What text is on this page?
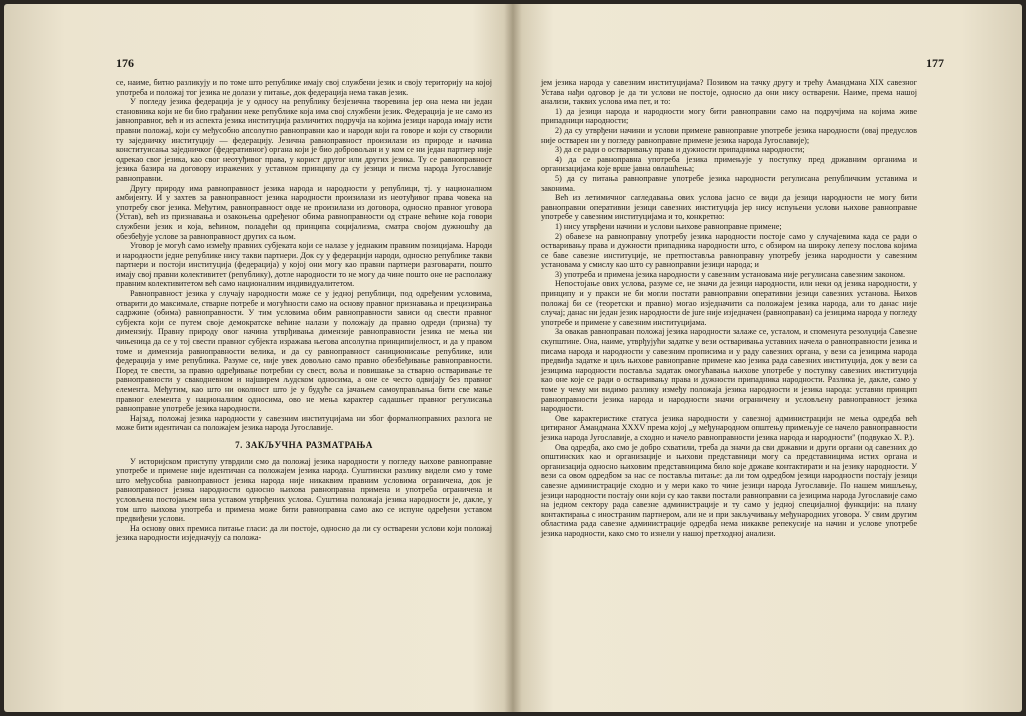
176

се, наиме, битно разликују и по томе што републике имају свој службени језик и својy територију на којој употреба и положај тог језика не долази у питање, док федерација нема такав језик.

У погледу језика федерација је у односу на републику безјезична творевина јер она нема ни један становника који не би био грађанин неке републике која има свој службени језик. Федерација је не само из јавноправног, већ и из аспекта језика институција различитих подручја на којима језици народа имају исти правни положај, који су међусобно апсолутно равноправни као и народи који га говоре и који су створили ту заједничку институцију — федерацију. Језична равноправност произилази из природе и начина конституисања заједничког (федеративног) органа који је био добровољан и у ком се ни један партнер није одрекао свог језика, као свог неотуђивог права, у корист другог или других језика. Ту се равноправност језика базира на договору изражених у уставном принципу да су језици и писма народа Југославије равноправни.

Другу природу има равноправност језика народа и народности у републици, тј. у националном амбијенту. И у захтев за равноправност језика народности произилази из неотуђивог права човека на употребу свог језика. Међутим, равноправност овде не произилази из договора, односно правног уговора (Устав), већ из признавања и озакоњења одређеног обима равноправности од стране већине која говори службени језик и која, већином, поладећи од принципа социјализма, сматра својом дужношћу да обезбеђује услове за равноправност других са њом.

Уговор је могућ само између правних субјеката који се налазе у једнаким правним позицијама. Народи и народности једне републике нису такви партнери. Док су у федерацији народи, односно републике такви партнери и постоји институција (федерација) у којој они могу као правни партнери разговарати, пошто имају свој правни колективитет (републику), дотле народности то не могу да чине пошто оне не располажу правним колективитетом већ само националним индивидуалитетом.

Равноправност језика у случају народности може се у једној републици, под одређеним условима, отварити до максимале, стварне потребе и могућности само на основу правног признавања и прецизирања садржине (обима) равноправности. У тим условима обим равноправности зависи од свести правног субјекта који се путем своје демократске већине налази у положају да правно одреди (призна) ту димензију. Правну природу овог начина утврђивања димензије равноправности језика не мења ни чињеница да се у тој свести правног субјекта изражава његова апсолутна принципијелност, и да у правом томе и димензија равноправности велика, и да су равноправност саниционисање републике, или федерација у име република. Разуме се, није увек довољно само правно обезбеђивање равноправности. Поред те свести, за правно одређивање потребни су свест, воља и повишање за стварно остваривање те равноправности у свакодневном и најширем људском односима, а оне се често одвијају без правног елемента. Међутим, као што ни околност што је у будуће са јачањем самоуправљања бити све мање правног елемента у националним односима, ово не мења карактер садашњег правног регулисања равноправне употребе језика народности.

Најзад, положај језика народности у савезним институцијама ни због формалноправних разлога не може бити идентичан са положајем језика народа Југославије.

7. ЗАКЉУЧНА РАЗМАТРАЊА

У историјском приступу утврдили смо да положај језика народности у погледу њихове равноправне употребе и примене није идентичан са положајем језика народа. Суштински разлику видели смо у томе што међусобна равноправност језика народа није никаквим правним условима ограничена, док је равноправност језика народности односно њихова равноправна примена и употреба ограничена и условљена постојањем низа уставом утврђених услова. Суштина положаја језика народности је, дакле, у том што њихова употреба и примена може бити равноправна само ако се испуне одређени уставом предвиђени услови.

На основу ових премиса питање гласи: да ли постоје, односно да ли су остварени услови који положај језика народности изједначују са положа-

177

јем језика народа у савезним институцијама? Позивом на тачку другу и трећу Амандмана XIX савезног Устава нађи одговор је да ти услови не постоје, односно да они нису остварени. Наиме, према нашој анализи, таквих услова има пет, и то:

1) да језици народа и народности могу бити равноправни само на подручјима на којима живе припадници народности;

2) да су утврђени начини и услови примене равноправне употребе језика народности (овај предуслов није остварен ни у погледу равноправне примене језика народа Југославије);

3) да се ради о остваривању права и дужности припадника народности;

4) да се равноправна употреба језика примењује у поступку пред државним органима и организацијама које врше јавна овлашћења;

5) да су питања равноправне употребе језика народности регулисана републичким уставима и законима.

Већ из летимичног сагледавања ових услова јасно се види да језици народности не могу бити равноправни оперативни језици савезних институција јер нису испуњени услови њихове равноправне употребе у савезним институцијама и то, конкретно:

1) нису утврђени начини и услови њихове равноправне примене;

2) обавезе на равноправну употребу језика народности постоје само у случајевима када се ради о остваривању права и дужности припадника народности што, с обзиром на широку лепезу послова којима се баве савезне институције, не претпоставља равноправну употребу језика народности у савезним установама у смислу као што су равноправни језици народа; и

3) употреба и примена језика народности у савезним установама није регулисана савезним законом.

Непостојање ових услова, разуме се, не значи да језици народности, или неки од језика народности, у принципу и у пракси не би могли постати равноправни оперативни језици савезних установа. Њихов положај би се (теоретски и правно) могао изједначити са положајем језика народа, али то данас није случај; данас ни један језик народности de jure није изједначен (равноправан) са језицима народа у погледу употребе и примене у савезним институцијама.

За овакав равноправан положај језика народности залаже се, усталом, и споменута резолуција Савезне скупштине. Она, наиме, утврђујући задатке у вези остваривања уставних начела о равноправности језика и писама народа и народности у савезним прописима и у раду савезних органа, у вези са језицима народа предвиђа задатке и циљ њихове равноправне примене као језика рада савезних институција, док у вези са језицима народности поставља задатак омогућавања њихове употребе у поступку савезних институција као оне које се ради о остваривању права и дужности припадника народности. Разлика је, дакле, само у томе у чему ми видимо разлику између положаја језика народности и језика народа: уставни принцип равноправности језика народа и народности значи ограничену и условљену равноправност језика народности.

Ове карактеристике статуса језика народности у савезној администрацији не мења одредба већ цитираног Амандмана XXXV према којој „у међународном општењу примењује се начело равноправности језика народа Југославије, а сходно и начело равноправности језика народа и народности" (подвукао Х. Р.).

Ова одредба, ако смо је добро схватили, треба да значи да сви државни и други органи од савезних до општинских као и организације и њихови представници могу са представницима истих органа и организација односно њиховим представницима било које државе контактирати и на језику народности. У вези са овом одредбом за нас се поставља питање: да ли том одредбом језици народности постају језици савезне администрације сходно и у мери како то чине језици народа Југославије. По нашем мишљењу, језици народности постају они који су као такви постали равноправни са језицима народа Југославије само на једном сектору рада савезне администрације и ту само у једној специјалној функцији: на плану контактирања с иностраним партнером, али не и при закључивању међународних уговора. У свим другим областима рада савезне администрације одредба нема никакве репекусије на начин и услове употребе језика народности, како смо то изнели у нашој претходној анализи.
